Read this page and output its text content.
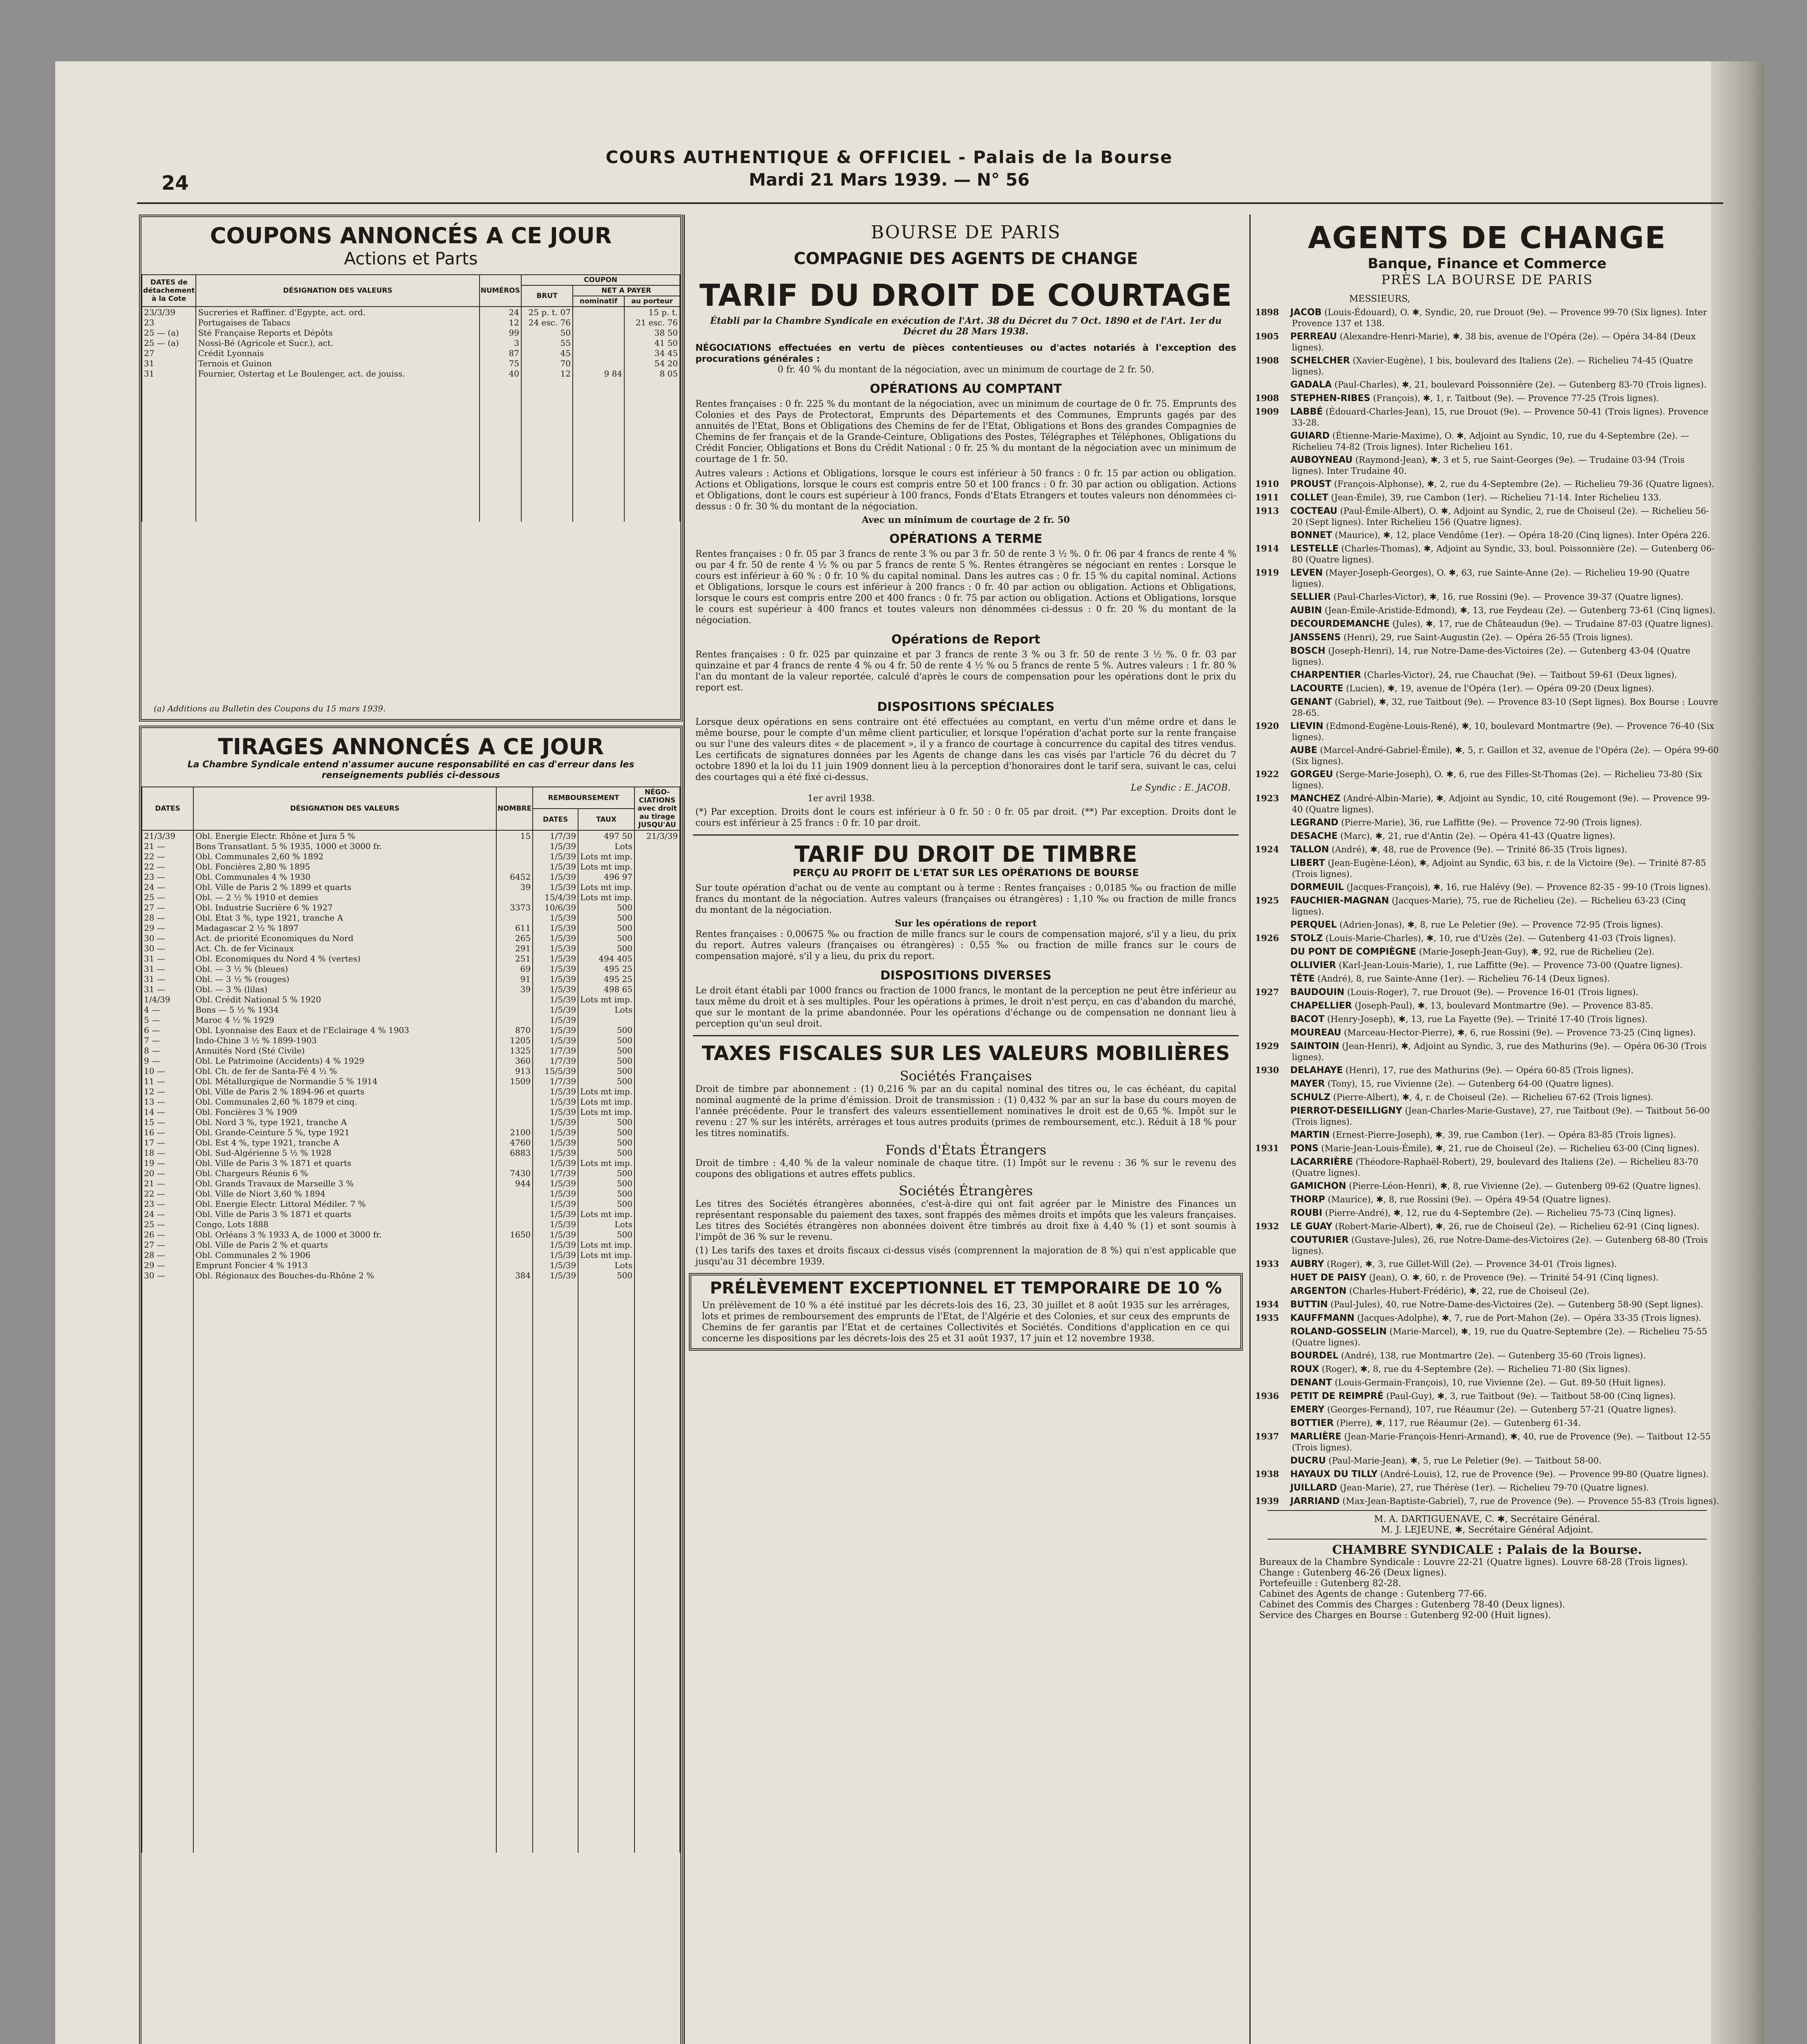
24
COURS AUTHENTIQUE & OFFICIEL - Palais de la Bourse
Mardi 21 Mars 1939. — N° 56
COUPONS ANNONCÉS A CE JOUR
Actions et Parts
DATES de détachement à la Cote	DÉSIGNATION DES VALEURS	NUMÉROS	COUPON		
			BRUT	NET A PAYER	
				nominatif	au porteur
23/3/39	Sucreries et Raffiner. d'Egypte, act. ord.	24	25 p. t. 07		15 p. t.
23	Portugaises de Tabacs	12	24 esc. 76		21 esc. 76
25 — (a)	Sté Française Reports et Dépôts	99	50		38 50
25 — (a)	Nossi-Bé (Agricole et Sucr.), act.	3	55		41 50
27	Crédit Lyonnais	87	45		34 45
31	Ternois et Guinon	75	70		54 20
31	Fournier, Ostertag et Le Boulenger, act. de jouiss.	40	12	9 84	8 05

(a) Additions au Bulletin des Coupons du 15 mars 1939.
TIRAGES ANNONCÉS A CE JOUR
La Chambre Syndicale entend n'assumer aucune responsabilité en cas d'erreur dans les renseignements publiés ci-dessous
DATES	DÉSIGNATION DES VALEURS	NOMBRE	REMBOURSEMENT		NÉGO-CIATIONS avec droit au tirage JUSQU'AU
			DATES	TAUX	
21/3/39	Obl. Energie Electr. Rhône et Jura 5 %	15	1/7/39	497 50	21/3/39
21 —	Bons Transatlant. 5 % 1935, 1000 et 3000 fr.		1/5/39	Lots	
22 —	Obl. Communales 2,60 % 1892		1/5/39	Lots mt imp.	
22 —	Obl. Foncières 2,80 % 1895		1/5/39	Lots mt imp.	
23 —	Obl. Communales 4 % 1930	6452	1/5/39	496 97	
24 —	Obl. Ville de Paris 2 % 1899 et quarts	39	1/5/39	Lots mt imp.	
25 —	Obl. — 2 ½ % 1910 et demies		15/4/39	Lots mt imp.	
27 —	Obl. Industrie Sucrière 6 % 1927	3373	10/6/39	500	
28 —	Obl. Etat 3 %, type 1921, tranche A		1/5/39	500	
29 —	Madagascar 2 ½ % 1897	611	1/5/39	500	
30 —	Act. de priorité Economiques du Nord	265	1/5/39	500	
30 —	Act. Ch. de fer Vicinaux	291	1/5/39	500	
31 —	Obl. Economiques du Nord 4 % (vertes)	251	1/5/39	494 405	
31 —	Obl. — 3 ½ % (bleues)	69	1/5/39	495 25	
31 —	Obl. — 3 ½ % (rouges)	91	1/5/39	495 25	
31 —	Obl. — 3 % (lilas)	39	1/5/39	498 65	
1/4/39	Obl. Crédit National 5 % 1920		1/5/39	Lots mt imp.	
4 —	Bons — 5 ½ % 1934		1/5/39	Lots	
5 —	Maroc 4 ½ % 1929		1/5/39		
6 —	Obl. Lyonnaise des Eaux et de l'Eclairage 4 % 1903	870	1/5/39	500	
7 —	Indo-Chine 3 ½ % 1899-1903	1205	1/5/39	500	
8 —	Annuités Nord (Sté Civile)	1325	1/7/39	500	
9 —	Obl. Le Patrimoine (Accidents) 4 % 1929	360	1/7/39	500	
10 —	Obl. Ch. de fer de Santa-Fé 4 ½ %	913	15/5/39	500	
11 —	Obl. Métallurgique de Normandie 5 % 1914	1509	1/7/39	500	
12 —	Obl. Ville de Paris 2 % 1894-96 et quarts		1/5/39	Lots mt imp.	
13 —	Obl. Communales 2,60 % 1879 et cinq.		1/5/39	Lots mt imp.	
14 —	Obl. Foncières 3 % 1909		1/5/39	Lots mt imp.	
15 —	Obl. Nord 3 %, type 1921, tranche A		1/5/39	500	
16 —	Obl. Grande-Ceinture 5 %, type 1921	2100	1/5/39	500	
17 —	Obl. Est 4 %, type 1921, tranche A	4760	1/5/39	500	
18 —	Obl. Sud-Algérienne 5 ½ % 1928	6883	1/5/39	500	
19 —	Obl. Ville de Paris 3 % 1871 et quarts		1/5/39	Lots mt imp.	
20 —	Obl. Chargeurs Réunis 6 %	7430	1/7/39	500	
21 —	Obl. Grands Travaux de Marseille 3 %	944	1/5/39	500	
22 —	Obl. Ville de Niort 3,60 % 1894		1/5/39	500	
23 —	Obl. Energie Electr. Littoral Médiler. 7 %		1/5/39	500	
24 —	Obl. Ville de Paris 3 % 1871 et quarts		1/5/39	Lots mt imp.	
25 —	Congo, Lots 1888		1/5/39	Lots	
26 —	Obl. Orléans 3 % 1933 A, de 1000 et 3000 fr.	1650	1/5/39	500	
27 —	Obl. Ville de Paris 2 % et quarts		1/5/39	Lots mt imp.	
28 —	Obl. Communales 2 % 1906		1/5/39	Lots mt imp.	
29 —	Emprunt Foncier 4 % 1913		1/5/39	Lots	
30 —	Obl. Régionaux des Bouches-du-Rhône 2 %	384	1/5/39	500	

BOURSE DE PARIS
COMPAGNIE DES AGENTS DE CHANGE
TARIF DU DROIT DE COURTAGE
Établi par la Chambre Syndicale en exécution de l'Art. 38 du Décret du 7 Oct. 1890 et de l'Art. 1er du Décret du 28 Mars 1938.
NÉGOCIATIONS effectuées en vertu de pièces contentieuses ou d'actes notariés à l'exception des procurations générales :
0 fr. 40 % du montant de la négociation, avec un minimum de courtage de 2 fr. 50.
OPÉRATIONS AU COMPTANT
Rentes françaises : 0 fr. 225 % du montant de la négociation, avec un minimum de courtage de 0 fr. 75. Emprunts des Colonies et des Pays de Protectorat, Emprunts des Départements et des Communes, Emprunts gagés par des annuités de l'Etat, Bons et Obligations des Chemins de fer de l'Etat, Obligations et Bons des grandes Compagnies de Chemins de fer français et de la Grande-Ceinture, Obligations des Postes, Télégraphes et Téléphones, Obligations du Crédit Foncier, Obligations et Bons du Crédit National : 0 fr. 25 % du montant de la négociation avec un minimum de courtage de 1 fr. 50.
Autres valeurs : Actions et Obligations, lorsque le cours est inférieur à 50 francs : 0 fr. 15 par action ou obligation. Actions et Obligations, lorsque le cours est compris entre 50 et 100 francs : 0 fr. 30 par action ou obligation. Actions et Obligations, dont le cours est supérieur à 100 francs, Fonds d'Etats Etrangers et toutes valeurs non dénommées ci-dessus : 0 fr. 30 % du montant de la négociation.
Avec un minimum de courtage de 2 fr. 50
OPÉRATIONS A TERME
Rentes françaises : 0 fr. 05 par 3 francs de rente 3 % ou par 3 fr. 50 de rente 3 ½ %. 0 fr. 06 par 4 francs de rente 4 % ou par 4 fr. 50 de rente 4 ½ % ou par 5 francs de rente 5 %. Rentes étrangères se négociant en rentes : Lorsque le cours est inférieur à 60 % : 0 fr. 10 % du capital nominal. Dans les autres cas : 0 fr. 15 % du capital nominal. Actions et Obligations, lorsque le cours est inférieur à 200 francs : 0 fr. 40 par action ou obligation. Actions et Obligations, lorsque le cours est compris entre 200 et 400 francs : 0 fr. 75 par action ou obligation. Actions et Obligations, lorsque le cours est supérieur à 400 francs et toutes valeurs non dénommées ci-dessus : 0 fr. 20 % du montant de la négociation.
Opérations de Report
Rentes françaises : 0 fr. 025 par quinzaine et par 3 francs de rente 3 % ou 3 fr. 50 de rente 3 ½ %. 0 fr. 03 par quinzaine et par 4 francs de rente 4 % ou 4 fr. 50 de rente 4 ½ % ou 5 francs de rente 5 %. Autres valeurs : 1 fr. 80 % l'an du montant de la valeur reportée, calculé d'après le cours de compensation pour les opérations dont le prix du report est.
DISPOSITIONS SPÉCIALES
Lorsque deux opérations en sens contraire ont été effectuées au comptant, en vertu d'un même ordre et dans le même bourse, pour le compte d'un même client particulier, et lorsque l'opération d'achat porte sur la rente française ou sur l'une des valeurs dites « de placement », il y a franco de courtage à concurrence du capital des titres vendus. Les certificats de signatures données par les Agents de change dans les cas visés par l'article 76 du décret du 7 octobre 1890 et la loi du 11 juin 1909 donnent lieu à la perception d'honoraires dont le tarif sera, suivant le cas, celui des courtages qui a été fixé ci-dessus.
Le Syndic : E. JACOB.
1er avril 1938.
(*) Par exception. Droits dont le cours est inférieur à 0 fr. 50 : 0 fr. 05 par droit. (**) Par exception. Droits dont le cours est inférieur à 25 francs : 0 fr. 10 par droit.
TARIF DU DROIT DE TIMBRE
PERÇU AU PROFIT DE L'ETAT SUR LES OPÉRATIONS DE BOURSE
Sur toute opération d'achat ou de vente au comptant ou à terme : Rentes françaises : 0,0185 ‰ ou fraction de mille francs du montant de la négociation. Autres valeurs (françaises ou étrangères) : 1,10 ‰ ou fraction de mille francs du montant de la négociation.
Sur les opérations de report
Rentes françaises : 0,00675 ‰ ou fraction de mille francs sur le cours de compensation majoré, s'il y a lieu, du prix du report. Autres valeurs (françaises ou étrangères) : 0,55 ‰ ou fraction de mille francs sur le cours de compensation majoré, s'il y a lieu, du prix du report.
DISPOSITIONS DIVERSES
Le droit étant établi par 1000 francs ou fraction de 1000 francs, le montant de la perception ne peut être inférieur au taux même du droit et à ses multiples. Pour les opérations à primes, le droit n'est perçu, en cas d'abandon du marché, que sur le montant de la prime abandonnée. Pour les opérations d'échange ou de compensation ne donnant lieu à perception qu'un seul droit.
TAXES FISCALES SUR LES VALEURS MOBILIÈRES
Sociétés Françaises
Droit de timbre par abonnement : (1) 0,216 % par an du capital nominal des titres ou, le cas échéant, du capital nominal augmenté de la prime d'émission. Droit de transmission : (1) 0,432 % par an sur la base du cours moyen de l'année précédente. Pour le transfert des valeurs essentiellement nominatives le droit est de 0,65 %. Impôt sur le revenu : 27 % sur les intérêts, arrérages et tous autres produits (primes de remboursement, etc.). Réduit à 18 % pour les titres nominatifs.
Fonds d'États Étrangers
Droit de timbre : 4,40 % de la valeur nominale de chaque titre. (1) Impôt sur le revenu : 36 % sur le revenu des coupons des obligations et autres effets publics.
Sociétés Étrangères
Les titres des Sociétés étrangères abonnées, c'est-à-dire qui ont fait agréer par le Ministre des Finances un représentant responsable du paiement des taxes, sont frappés des mêmes droits et impôts que les valeurs françaises. Les titres des Sociétés étrangères non abonnées doivent être timbrés au droit fixe à 4,40 % (1) et sont soumis à l'impôt de 36 % sur le revenu.
(1) Les tarifs des taxes et droits fiscaux ci-dessus visés (comprennent la majoration de 8 %) qui n'est applicable que jusqu'au 31 décembre 1939.
PRÉLÈVEMENT EXCEPTIONNEL ET TEMPORAIRE DE 10 %
Un prélèvement de 10 % a été institué par les décrets-lois des 16, 23, 30 juillet et 8 août 1935 sur les arrérages, lots et primes de remboursement des emprunts de l'Etat, de l'Algérie et des Colonies, et sur ceux des emprunts de Chemins de fer garantis par l'Etat et de certaines Collectivités et Sociétés. Conditions d'application en ce qui concerne les dispositions par les décrets-lois des 25 et 31 août 1937, 17 juin et 12 novembre 1938.
AGENTS DE CHANGE
Banque, Finance et Commerce
PRÈS LA BOURSE DE PARIS
MESSIEURS,
1898 JACOB (Louis-Édouard), O. ✱, Syndic, 20, rue Drouot (9e). — Provence 99-70 (Six lignes). Inter Provence 137 et 138.
1905 PERREAU (Alexandre-Henri-Marie), ✱, 38 bis, avenue de l'Opéra (2e). — Opéra 34-84 (Deux lignes).
1908 SCHELCHER (Xavier-Eugène), 1 bis, boulevard des Italiens (2e). — Richelieu 74-45 (Quatre lignes).
GADALA (Paul-Charles), ✱, 21, boulevard Poissonnière (2e). — Gutenberg 83-70 (Trois lignes).
1908 STEPHEN-RIBES (François), ✱, 1, r. Taitbout (9e). — Provence 77-25 (Trois lignes).
1909 LABBÉ (Édouard-Charles-Jean), 15, rue Drouot (9e). — Provence 50-41 (Trois lignes). Provence 33-28.
GUIARD (Étienne-Marie-Maxime), O. ✱, Adjoint au Syndic, 10, rue du 4-Septembre (2e). — Richelieu 74-82 (Trois lignes). Inter Richelieu 161.
AUBOYNEAU (Raymond-Jean), ✱, 3 et 5, rue Saint-Georges (9e). — Trudaine 03-94 (Trois lignes). Inter Trudaine 40.
1910 PROUST (François-Alphonse), ✱, 2, rue du 4-Septembre (2e). — Richelieu 79-36 (Quatre lignes).
1911 COLLET (Jean-Émile), 39, rue Cambon (1er). — Richelieu 71-14. Inter Richelieu 133.
1913 COCTEAU (Paul-Émile-Albert), O. ✱, Adjoint au Syndic, 2, rue de Choiseul (2e). — Richelieu 56-20 (Sept lignes). Inter Richelieu 156 (Quatre lignes).
BONNET (Maurice), ✱, 12, place Vendôme (1er). — Opéra 18-20 (Cinq lignes). Inter Opéra 226.
1914 LESTELLE (Charles-Thomas), ✱, Adjoint au Syndic, 33, boul. Poissonnière (2e). — Gutenberg 06-80 (Quatre lignes).
1919 LEVEN (Mayer-Joseph-Georges), O. ✱, 63, rue Sainte-Anne (2e). — Richelieu 19-90 (Quatre lignes).
SELLIER (Paul-Charles-Victor), ✱, 16, rue Rossini (9e). — Provence 39-37 (Quatre lignes).
AUBIN (Jean-Émile-Aristide-Edmond), ✱, 13, rue Feydeau (2e). — Gutenberg 73-61 (Cinq lignes).
DECOURDEMANCHE (Jules), ✱, 17, rue de Châteaudun (9e). — Trudaine 87-03 (Quatre lignes).
JANSSENS (Henri), 29, rue Saint-Augustin (2e). — Opéra 26-55 (Trois lignes).
BOSCH (Joseph-Henri), 14, rue Notre-Dame-des-Victoires (2e). — Gutenberg 43-04 (Quatre lignes).
CHARPENTIER (Charles-Victor), 24, rue Chauchat (9e). — Taitbout 59-61 (Deux lignes).
LACOURTE (Lucien), ✱, 19, avenue de l'Opéra (1er). — Opéra 09-20 (Deux lignes).
GENANT (Gabriel), ✱, 32, rue Taitbout (9e). — Provence 83-10 (Sept lignes). Box Bourse : Louvre 28-65.
1920 LIEVIN (Edmond-Eugène-Louis-René), ✱, 10, boulevard Montmartre (9e). — Provence 76-40 (Six lignes).
AUBE (Marcel-André-Gabriel-Émile), ✱, 5, r. Gaillon et 32, avenue de l'Opéra (2e). — Opéra 99-60 (Six lignes).
1922 GORGEU (Serge-Marie-Joseph), O. ✱, 6, rue des Filles-St-Thomas (2e). — Richelieu 73-80 (Six lignes).
1923 MANCHEZ (André-Albin-Marie), ✱, Adjoint au Syndic, 10, cité Rougemont (9e). — Provence 99-40 (Quatre lignes).
LEGRAND (Pierre-Marie), 36, rue Laffitte (9e). — Provence 72-90 (Trois lignes).
DESACHE (Marc), ✱, 21, rue d'Antin (2e). — Opéra 41-43 (Quatre lignes).
1924 TALLON (André), ✱, 48, rue de Provence (9e). — Trinité 86-35 (Trois lignes).
LIBERT (Jean-Eugène-Léon), ✱, Adjoint au Syndic, 63 bis, r. de la Victoire (9e). — Trinité 87-85 (Trois lignes).
DORMEUIL (Jacques-François), ✱, 16, rue Halévy (9e). — Provence 82-35 - 99-10 (Trois lignes).
1925 FAUCHIER-MAGNAN (Jacques-Marie), 75, rue de Richelieu (2e). — Richelieu 63-23 (Cinq lignes).
PERQUEL (Adrien-Jonas), ✱, 8, rue Le Peletier (9e). — Provence 72-95 (Trois lignes).
1926 STOLZ (Louis-Marie-Charles), ✱, 10, rue d'Uzès (2e). — Gutenberg 41-03 (Trois lignes).
DU PONT DE COMPIÈGNE (Marie-Joseph-Jean-Guy), ✱, 92, rue de Richelieu (2e).
OLLIVIER (Karl-Jean-Louis-Marie), 1, rue Laffitte (9e). — Provence 73-00 (Quatre lignes).
TÊTE (André), 8, rue Sainte-Anne (1er). — Richelieu 76-14 (Deux lignes).
1927 BAUDOUIN (Louis-Roger), 7, rue Drouot (9e). — Provence 16-01 (Trois lignes).
CHAPELLIER (Joseph-Paul), ✱, 13, boulevard Montmartre (9e). — Provence 83-85.
BACOT (Henry-Joseph), ✱, 13, rue La Fayette (9e). — Trinité 17-40 (Trois lignes).
MOUREAU (Marceau-Hector-Pierre), ✱, 6, rue Rossini (9e). — Provence 73-25 (Cinq lignes).
1929 SAINTOIN (Jean-Henri), ✱, Adjoint au Syndic, 3, rue des Mathurins (9e). — Opéra 06-30 (Trois lignes).
1930 DELAHAYE (Henri), 17, rue des Mathurins (9e). — Opéra 60-85 (Trois lignes).
MAYER (Tony), 15, rue Vivienne (2e). — Gutenberg 64-00 (Quatre lignes).
SCHULZ (Pierre-Albert), ✱, 4, r. de Choiseul (2e). — Richelieu 67-62 (Trois lignes).
PIERROT-DESEILLIGNY (Jean-Charles-Marie-Gustave), 27, rue Taitbout (9e). — Taitbout 56-00 (Trois lignes).
MARTIN (Ernest-Pierre-Joseph), ✱, 39, rue Cambon (1er). — Opéra 83-85 (Trois lignes).
1931 PONS (Marie-Jean-Louis-Émile), ✱, 21, rue de Choiseul (2e). — Richelieu 63-00 (Cinq lignes).
LACARRIÈRE (Théodore-Raphaël-Robert), 29, boulevard des Italiens (2e). — Richelieu 83-70 (Quatre lignes).
GAMICHON (Pierre-Léon-Henri), ✱, 8, rue Vivienne (2e). — Gutenberg 09-62 (Quatre lignes).
THORP (Maurice), ✱, 8, rue Rossini (9e). — Opéra 49-54 (Quatre lignes).
ROUBI (Pierre-André), ✱, 12, rue du 4-Septembre (2e). — Richelieu 75-73 (Cinq lignes).
1932 LE GUAY (Robert-Marie-Albert), ✱, 26, rue de Choiseul (2e). — Richelieu 62-91 (Cinq lignes).
COUTURIER (Gustave-Jules), 26, rue Notre-Dame-des-Victoires (2e). — Gutenberg 68-80 (Trois lignes).
1933 AUBRY (Roger), ✱, 3, rue Gillet-Will (2e). — Provence 34-01 (Trois lignes).
HUET DE PAISY (Jean), O. ✱, 60, r. de Provence (9e). — Trinité 54-91 (Cinq lignes).
ARGENTON (Charles-Hubert-Frédéric), ✱, 22, rue de Choiseul (2e).
1934 BUTTIN (Paul-Jules), 40, rue Notre-Dame-des-Victoires (2e). — Gutenberg 58-90 (Sept lignes).
1935 KAUFFMANN (Jacques-Adolphe), ✱, 7, rue de Port-Mahon (2e). — Opéra 33-35 (Trois lignes).
ROLAND-GOSSELIN (Marie-Marcel), ✱, 19, rue du Quatre-Septembre (2e). — Richelieu 75-55 (Quatre lignes).
BOURDEL (André), 138, rue Montmartre (2e). — Gutenberg 35-60 (Trois lignes).
ROUX (Roger), ✱, 8, rue du 4-Septembre (2e). — Richelieu 71-80 (Six lignes).
DENANT (Louis-Germain-François), 10, rue Vivienne (2e). — Gut. 89-50 (Huit lignes).
1936 PETIT DE REIMPRÉ (Paul-Guy), ✱, 3, rue Taitbout (9e). — Taitbout 58-00 (Cinq lignes).
EMERY (Georges-Fernand), 107, rue Réaumur (2e). — Gutenberg 57-21 (Quatre lignes).
BOTTIER (Pierre), ✱, 117, rue Réaumur (2e). — Gutenberg 61-34.
1937 MARLIÈRE (Jean-Marie-François-Henri-Armand), ✱, 40, rue de Provence (9e). — Taitbout 12-55 (Trois lignes).
DUCRU (Paul-Marie-Jean), ✱, 5, rue Le Peletier (9e). — Taitbout 58-00.
1938 HAYAUX DU TILLY (André-Louis), 12, rue de Provence (9e). — Provence 99-80 (Quatre lignes).
JUILLARD (Jean-Marie), 27, rue Thérèse (1er). — Richelieu 79-70 (Quatre lignes).
1939 JARRIAND (Max-Jean-Baptiste-Gabriel), 7, rue de Provence (9e). — Provence 55-83 (Trois lignes).
M. A. DARTIGUENAVE, C. ✱, Secrétaire Général.
M. J. LEJEUNE, ✱, Secrétaire Général Adjoint.
CHAMBRE SYNDICALE : Palais de la Bourse.
Bureaux de la Chambre Syndicale : Louvre 22-21 (Quatre lignes). Louvre 68-28 (Trois lignes).
Change : Gutenberg 46-26 (Deux lignes).
Portefeuille : Gutenberg 82-28.
Cabinet des Agents de change : Gutenberg 77-66.
Cabinet des Commis des Charges : Gutenberg 78-40 (Deux lignes).
Service des Charges en Bourse : Gutenberg 92-00 (Huit lignes).
